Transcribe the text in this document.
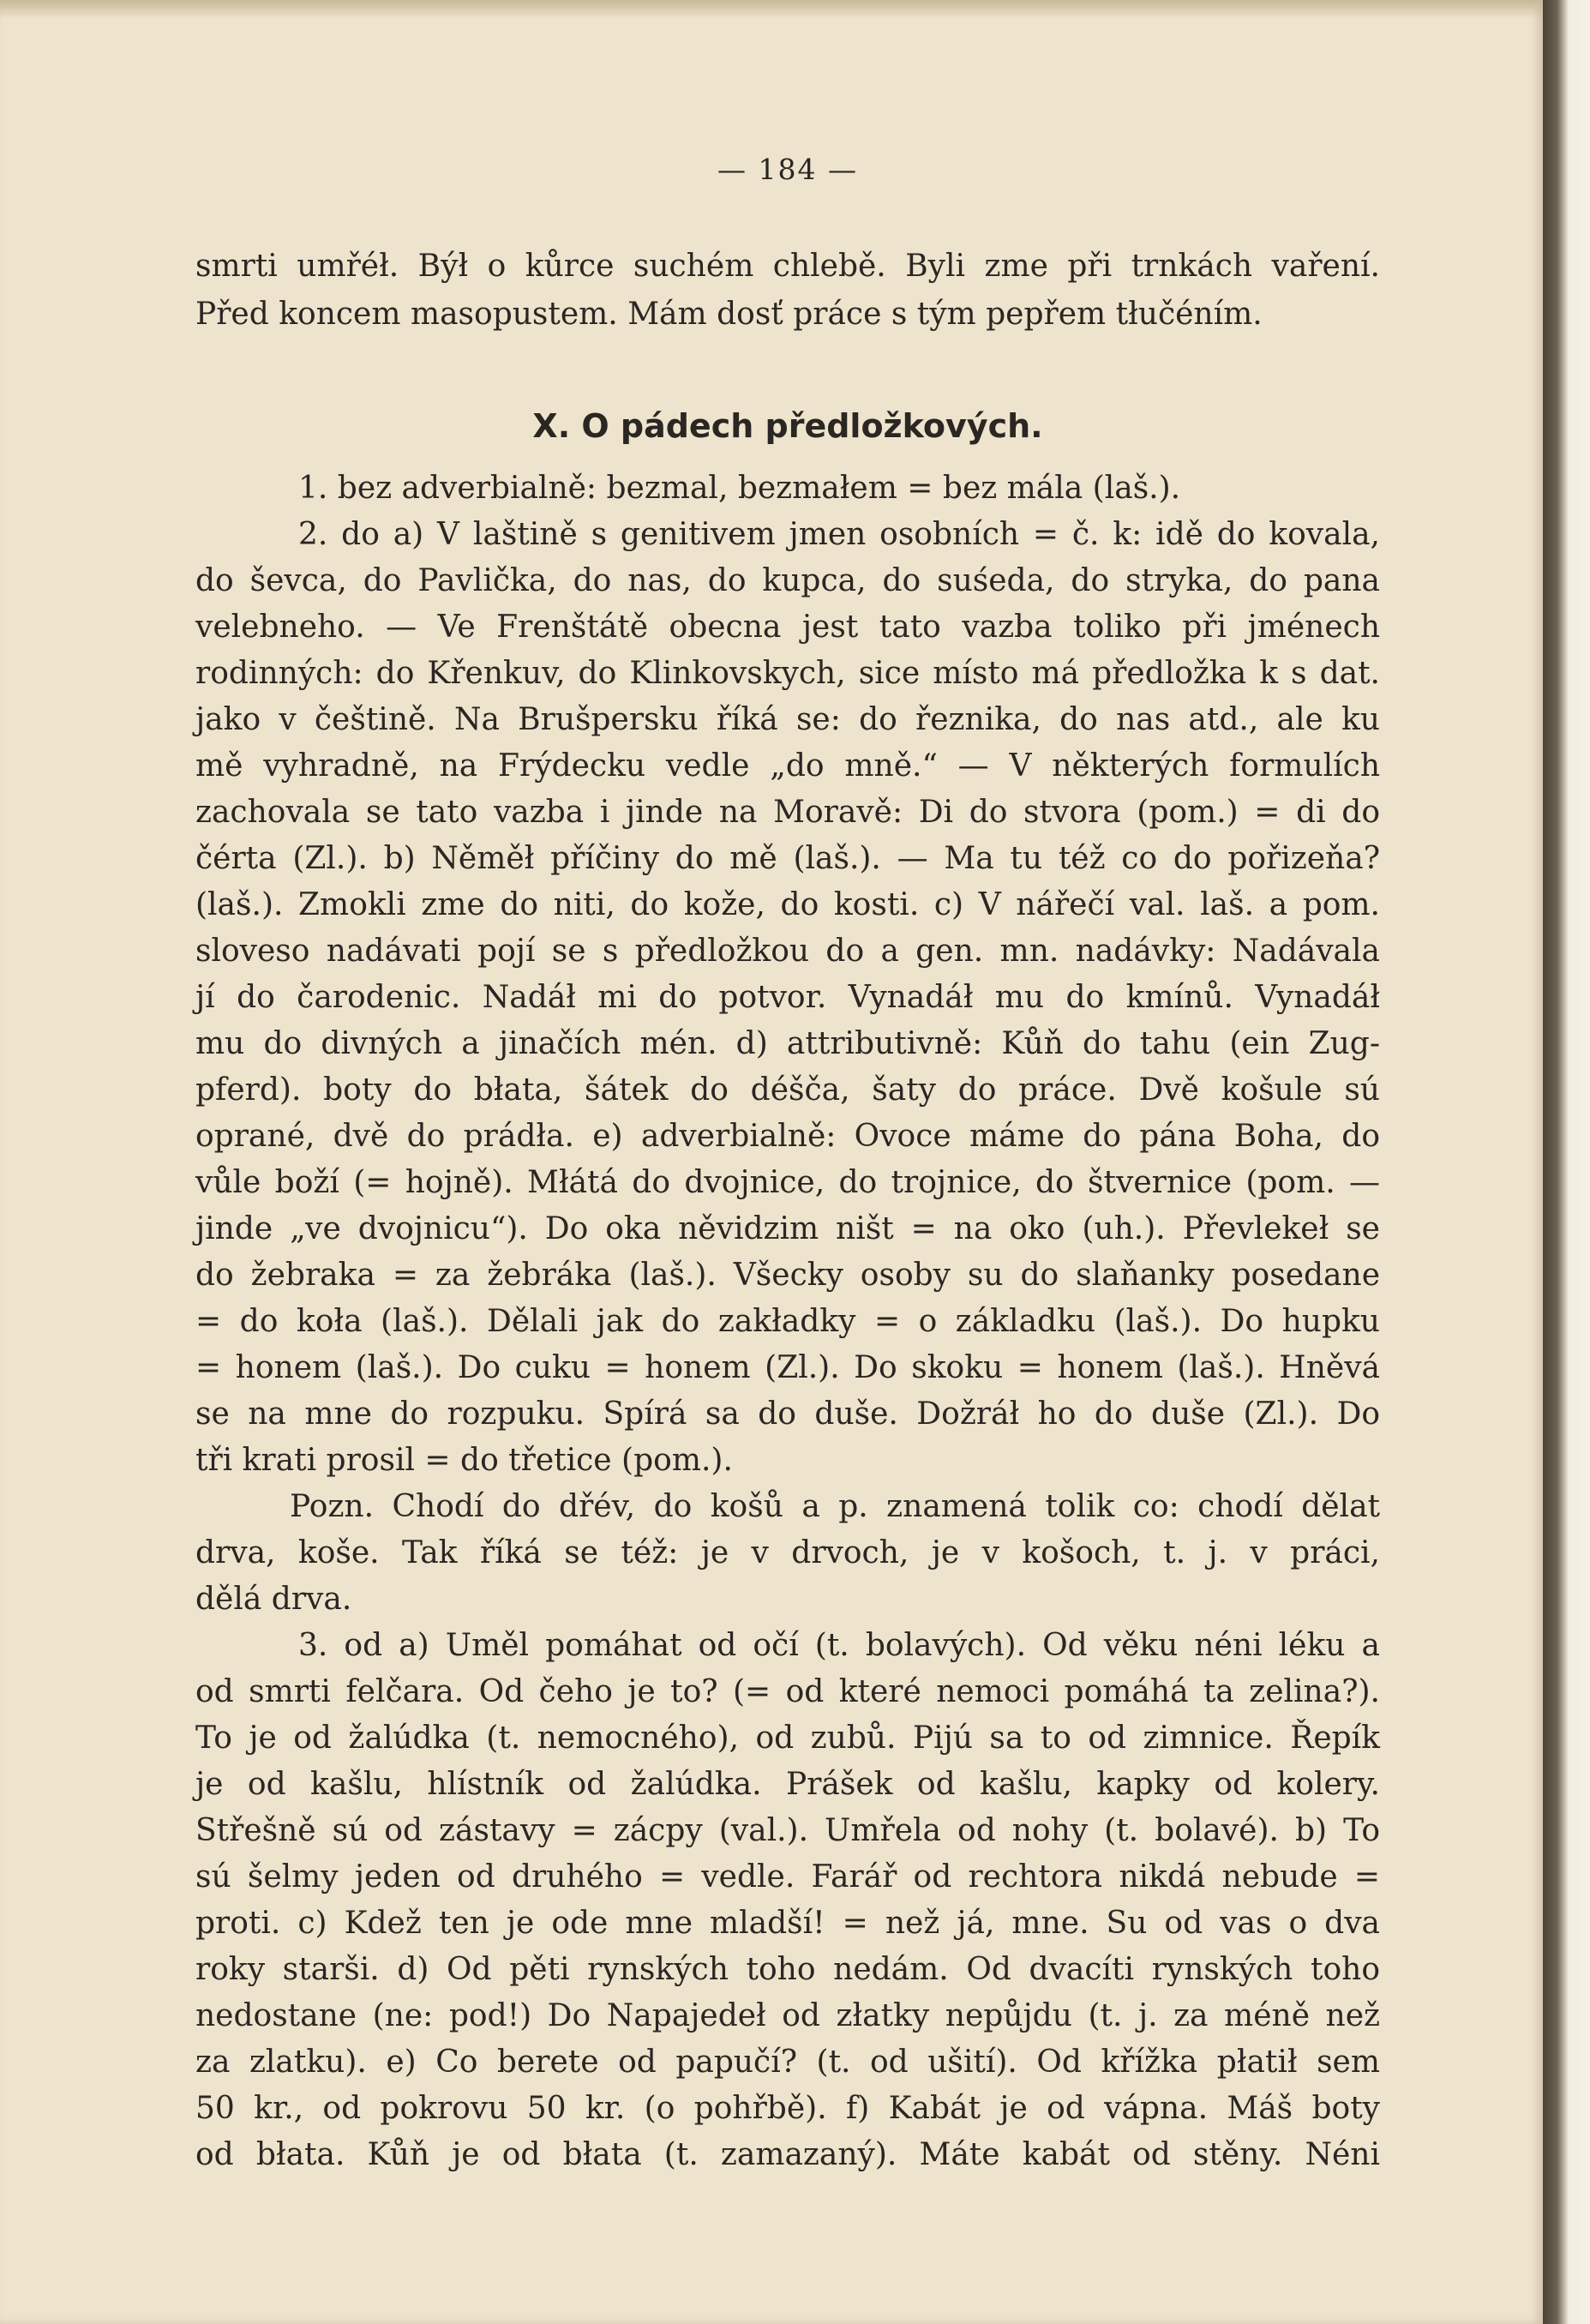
— 184 —
smrti umřéł. Býł o kůrce suchém chlebě. Byli zme při trnkách vaření.
Před koncem masopustem. Mám dosť práce s tým pepřem tłučéním.
X. O pádech předložkových.
1. bez adverbialně: bezmal, bezmałem = bez mála (laš.).
2. do a) V laštině s genitivem jmen osobních = č. k: idě do kovala,
do ševca, do Pavlička, do nas, do kupca, do suśeda, do stryka, do pana
velebneho. — Ve Frenštátě obecna jest tato vazba toliko při jménech
rodinných: do Křenkuv, do Klinkovskych, sice místo má předložka k s dat.
jako v češtině. Na Brušpersku říká se: do řeznika, do nas atd., ale ku
mě vyhradně, na Frýdecku vedle „do mně.“ — V některých formulích
zachovala se tato vazba i jinde na Moravě: Di do stvora (pom.) = di do
čérta (Zl.). b) Něměł příčiny do mě (laš.). — Ma tu též co do pořizeňa?
(laš.). Zmokli zme do niti, do kože, do kosti. c) V nářečí val. laš. a pom.
sloveso nadávati pojí se s předložkou do a gen. mn. nadávky: Nadávala
jí do čarodenic. Nadáł mi do potvor. Vynadáł mu do kmínů. Vynadáł
mu do divných a jinačích mén. d) attributivně: Kůň do tahu (ein Zug-
pferd). boty do błata, šátek do déšča, šaty do práce. Dvě košule sú
oprané, dvě do prádła. e) adverbialně: Ovoce máme do pána Boha, do
vůle boží (= hojně). Młátá do dvojnice, do trojnice, do štvernice (pom. —
jinde „ve dvojnicu“). Do oka něvidzim ništ = na oko (uh.). Převlekeł se
do žebraka = za žebráka (laš.). Všecky osoby su do slaňanky posedane
= do koła (laš.). Dělali jak do zakładky = o základku (laš.). Do hupku
= honem (laš.). Do cuku = honem (Zl.). Do skoku = honem (laš.). Hněvá
se na mne do rozpuku. Spírá sa do duše. Dožráł ho do duše (Zl.). Do
tři krati prosil = do třetice (pom.).
Pozn. Chodí do dřév, do košů a p. znamená tolik co: chodí dělat
drva, koše. Tak říká se též: je v drvoch, je v košoch, t. j. v práci,
dělá drva.
3. od a) Uměl pomáhat od očí (t. bolavých). Od věku néni léku a
od smrti felčara. Od čeho je to? (= od které nemoci pomáhá ta zelina?).
To je od žalúdka (t. nemocného), od zubů. Pijú sa to od zimnice. Řepík
je od kašlu, hlístník od žalúdka. Prášek od kašlu, kapky od kolery.
Střešně sú od zástavy = zácpy (val.). Umřela od nohy (t. bolavé). b) To
sú šelmy jeden od druhého = vedle. Farář od rechtora nikdá nebude =
proti. c) Kdež ten je ode mne mladší! = než já, mne. Su od vas o dva
roky starši. d) Od pěti rynských toho nedám. Od dvacíti rynských toho
nedostane (ne: pod!) Do Napajedeł od złatky nepůjdu (t. j. za méně než
za zlatku). e) Co berete od papučí? (t. od ušití). Od křížka płatił sem
50 kr., od pokrovu 50 kr. (o pohřbě). f) Kabát je od vápna. Máš boty
od błata. Kůň je od błata (t. zamazaný). Máte kabát od stěny. Néni
